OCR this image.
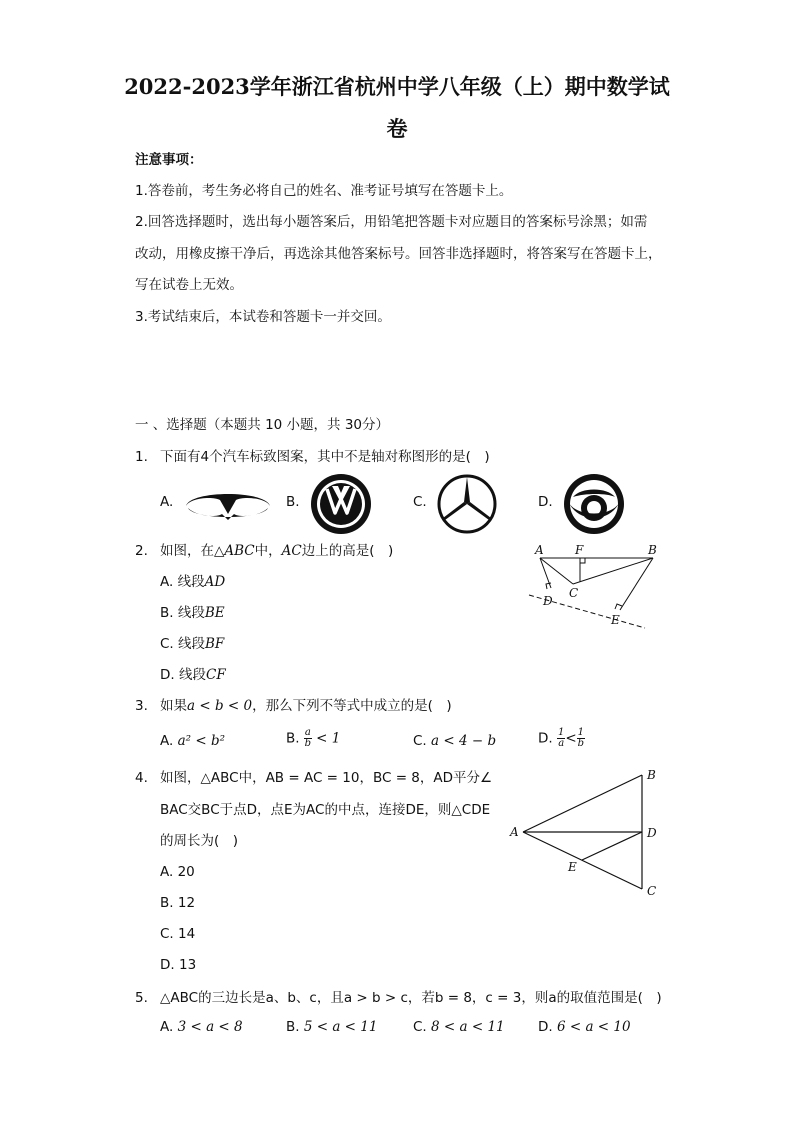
2022-2023学年浙江省杭州中学八年级（上）期中数学试
卷
注意事项：
1.答卷前，考生务必将自己的姓名、准考证号填写在答题卡上。
2.回答选择题时，选出每小题答案后，用铅笔把答题卡对应题目的答案标号涂黑；如需
改动，用橡皮擦干净后，再选涂其他答案标号。回答非选择题时，将答案写在答题卡上，
写在试卷上无效。
3.考试结束后，本试卷和答题卡一并交回。
一 、选择题（本题共 10 小题，共 30分）
1. 下面有4个汽车标致图案，其中不是轴对称图形的是(　)
A.	B.	C.	D.
2. 如图，在△ABC中，AC边上的高是(　)
A. 线段AD
B. 线段BE
C. 线段BF
D. 线段CF
A	F	B
C
D
E
3. 如果a < b < 0，那么下列不等式中成立的是(　)
A. a² < b²	B. $\frac{a}{b} < 1$	C. a < 4 − b	D. $\frac{1}{a} < \frac{1}{b}$
4. 如图，△ABC中，AB = AC = 10，BC = 8，AD平分∠
BAC交BC于点D，点E为AC的中点，连接DE，则△CDE
的周长为(　)
A. 20
B. 12
C. 14
D. 13
A
B
C
D
E
5. △ABC的三边长是a、b、c，且a > b > c，若b = 8，c = 3，则a的取值范围是(　)
A. 3 < a < 8	B. 5 < a < 11	C. 8 < a < 11 D. 6 < a < 10
